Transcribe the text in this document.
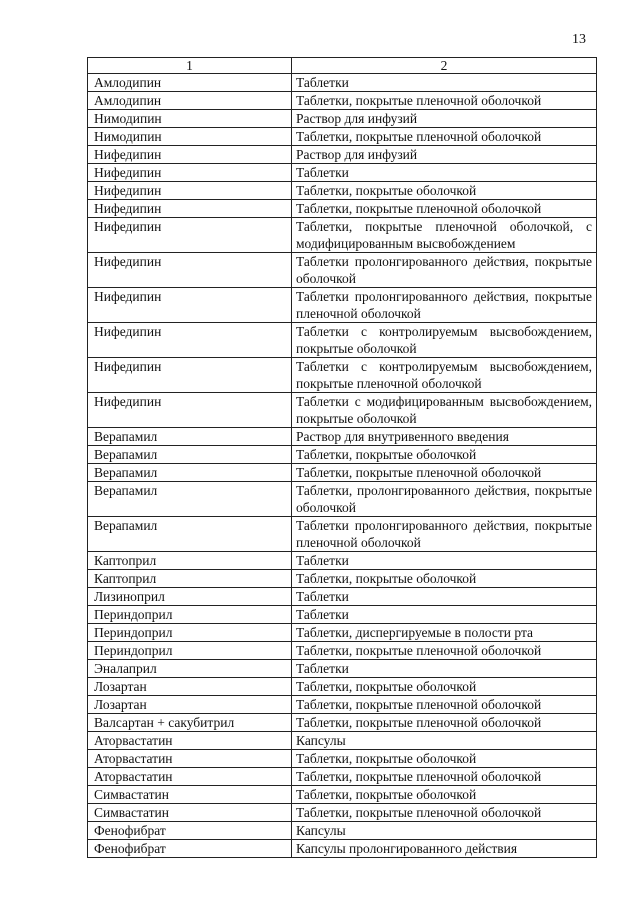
13
1	2
Амлодипин	Таблетки
Амлодипин	Таблетки, покрытые пленочной оболочкой
Нимодипин	Раствор для инфузий
Нимодипин	Таблетки, покрытые пленочной оболочкой
Нифедипин	Раствор для инфузий
Нифедипин	Таблетки
Нифедипин	Таблетки, покрытые оболочкой
Нифедипин	Таблетки, покрытые пленочной оболочкой
Нифедипин	Таблетки, покрытые пленочной оболочкой, с модифицированным высвобождением
Нифедипин	Таблетки пролонгированного действия, покрытые оболочкой
Нифедипин	Таблетки пролонгированного действия, покрытые пленочной оболочкой
Нифедипин	Таблетки с контролируемым высвобождением, покрытые оболочкой
Нифедипин	Таблетки с контролируемым высвобождением, покрытые пленочной оболочкой
Нифедипин	Таблетки с модифицированным высвобождением, покрытые оболочкой
Верапамил	Раствор для внутривенного введения
Верапамил	Таблетки, покрытые оболочкой
Верапамил	Таблетки, покрытые пленочной оболочкой
Верапамил	Таблетки, пролонгированного действия, покрытые оболочкой
Верапамил	Таблетки пролонгированного действия, покрытые пленочной оболочкой
Каптоприл	Таблетки
Каптоприл	Таблетки, покрытые оболочкой
Лизиноприл	Таблетки
Периндоприл	Таблетки
Периндоприл	Таблетки, диспергируемые в полости рта
Периндоприл	Таблетки, покрытые пленочной оболочкой
Эналаприл	Таблетки
Лозартан	Таблетки, покрытые оболочкой
Лозартан	Таблетки, покрытые пленочной оболочкой
Валсартан + сакубитрил	Таблетки, покрытые пленочной оболочкой
Аторвастатин	Капсулы
Аторвастатин	Таблетки, покрытые оболочкой
Аторвастатин	Таблетки, покрытые пленочной оболочкой
Симвастатин	Таблетки, покрытые оболочкой
Симвастатин	Таблетки, покрытые пленочной оболочкой
Фенофибрат	Капсулы
Фенофибрат	Капсулы пролонгированного действия
